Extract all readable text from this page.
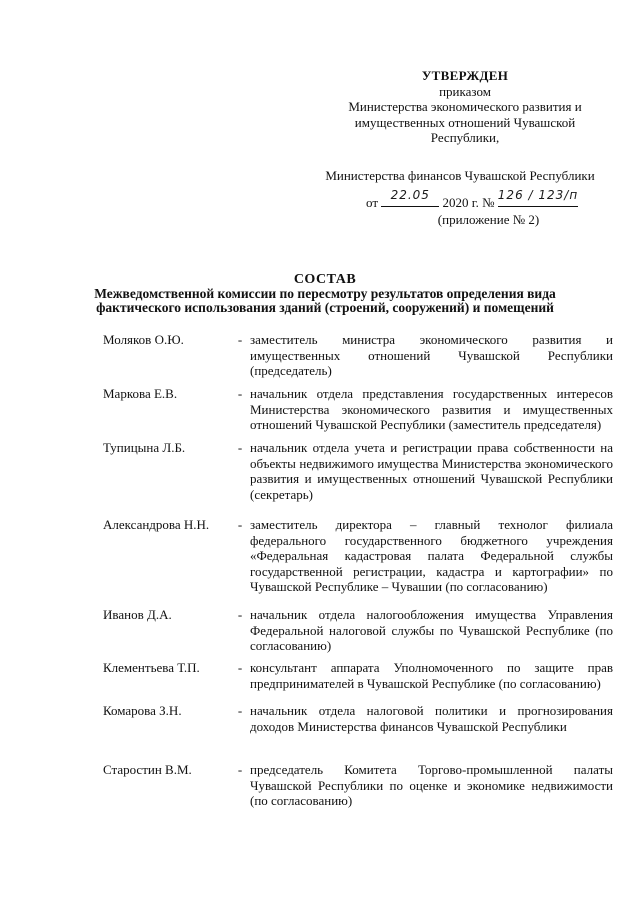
УТВЕРЖДЕН
приказом
Министерства экономического развития и
имущественных отношений Чувашской
Республики,
Министерства финансов Чувашской Республики
от	22.05 2020 г. № 126 / 123/п
(приложение № 2)
СОСТАВ
Межведомственной комиссии по пересмотру результатов определения вида
фактического использования зданий (строений, сооружений) и помещений
Моляков О.Ю.	- заместитель министра экономического развития и имущественных отношений Чувашской Республики (председатель)
Маркова Е.В.	- начальник отдела представления государственных интересов Министерства экономического развития и имущественных отношений Чувашской Республики (заместитель председателя)
Тупицына Л.Б.	- начальник отдела учета и регистрации права собственности на объекты недвижимого имущества Министерства экономического развития и имущественных отношений Чувашской Республики (секретарь)
Александрова Н.Н.	- заместитель директора – главный технолог филиала федерального государственного бюджетного учреждения «Федеральная кадастровая палата Федеральной службы государственной регистрации, кадастра и картографии» по Чувашской Республике – Чувашии (по согласованию)
Иванов Д.А.	- начальник отдела налогообложения имущества Управления Федеральной налоговой службы по Чувашской Республике (по согласованию)
Клементьева Т.П.	- консультант аппарата Уполномоченного по защите прав предпринимателей в Чувашской Республике (по согласованию)
Комарова З.Н.	- начальник отдела налоговой политики и прогнозирования доходов Министерства финансов Чувашской Республики
Старостин В.М.	- председатель Комитета Торгово-промышленной палаты Чувашской Республики по оценке и экономике недвижимости (по согласованию)
